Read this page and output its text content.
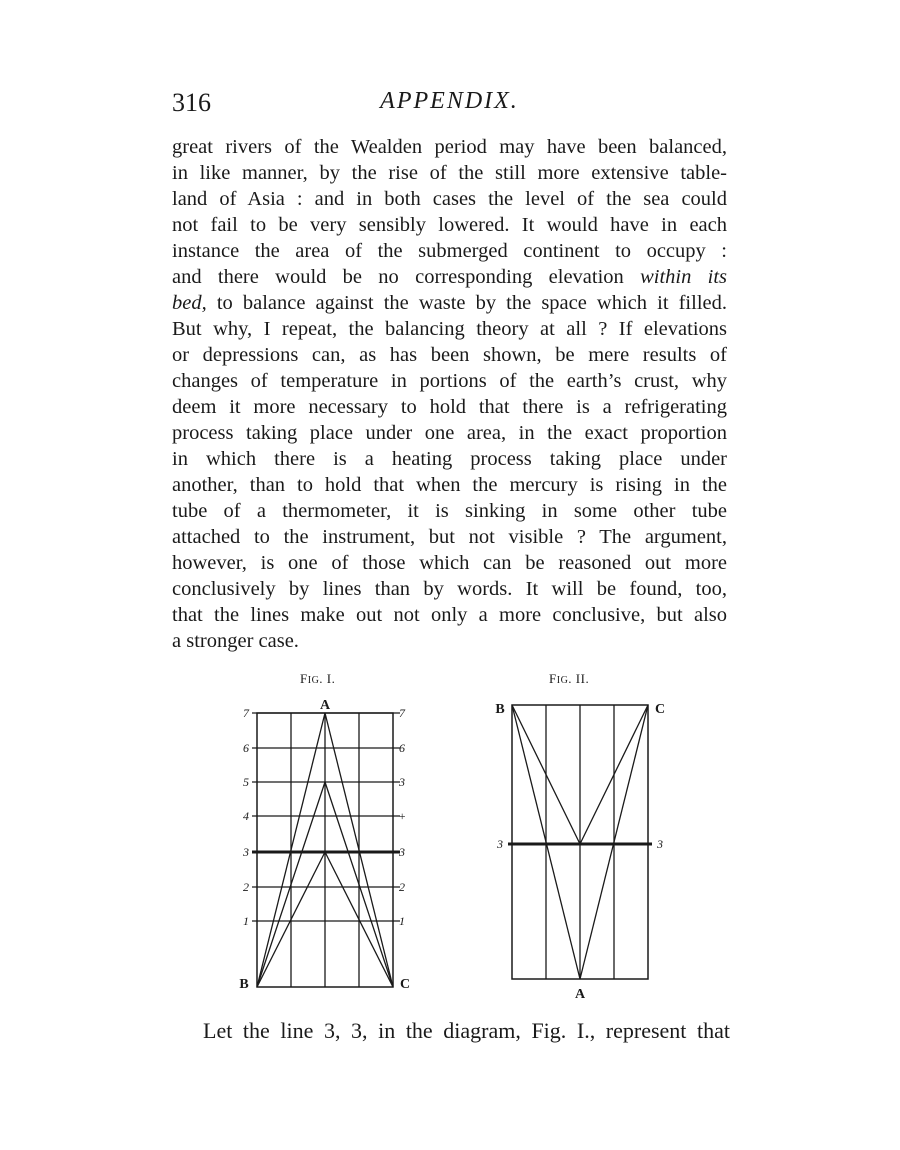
316	APPENDIX.
great rivers of the Wealden period may have been balanced,
in like manner, by the rise of the still more extensive table-
land of Asia : and in both cases the level of the sea could
not fail to be very sensibly lowered. It would have in each
instance the area of the submerged continent to occupy :
and there would be no corresponding elevation within its
bed, to balance against the waste by the space which it filled.
But why, I repeat, the balancing theory at all ? If elevations
or depressions can, as has been shown, be mere results of
changes of temperature in portions of the earth’s crust, why
deem it more necessary to hold that there is a refrigerating
process taking place under one area, in the exact proportion
in which there is a heating process taking place under
another, than to hold that when the mercury is rising in the
tube of a thermometer, it is sinking in some other tube
attached to the instrument, but not visible ? The argument,
however, is one of those which can be reasoned out more
conclusively by lines than by words. It will be found, too,
that the lines make out not only a more conclusive, but also
a stronger case.
FIG. I.	FIG. II.
A
B	C
7
6
5
4
3
2
1
7
6
3
+
3
2
1
B	C
3	3
A
Let the line 3, 3, in the diagram, Fig. I., represent that
